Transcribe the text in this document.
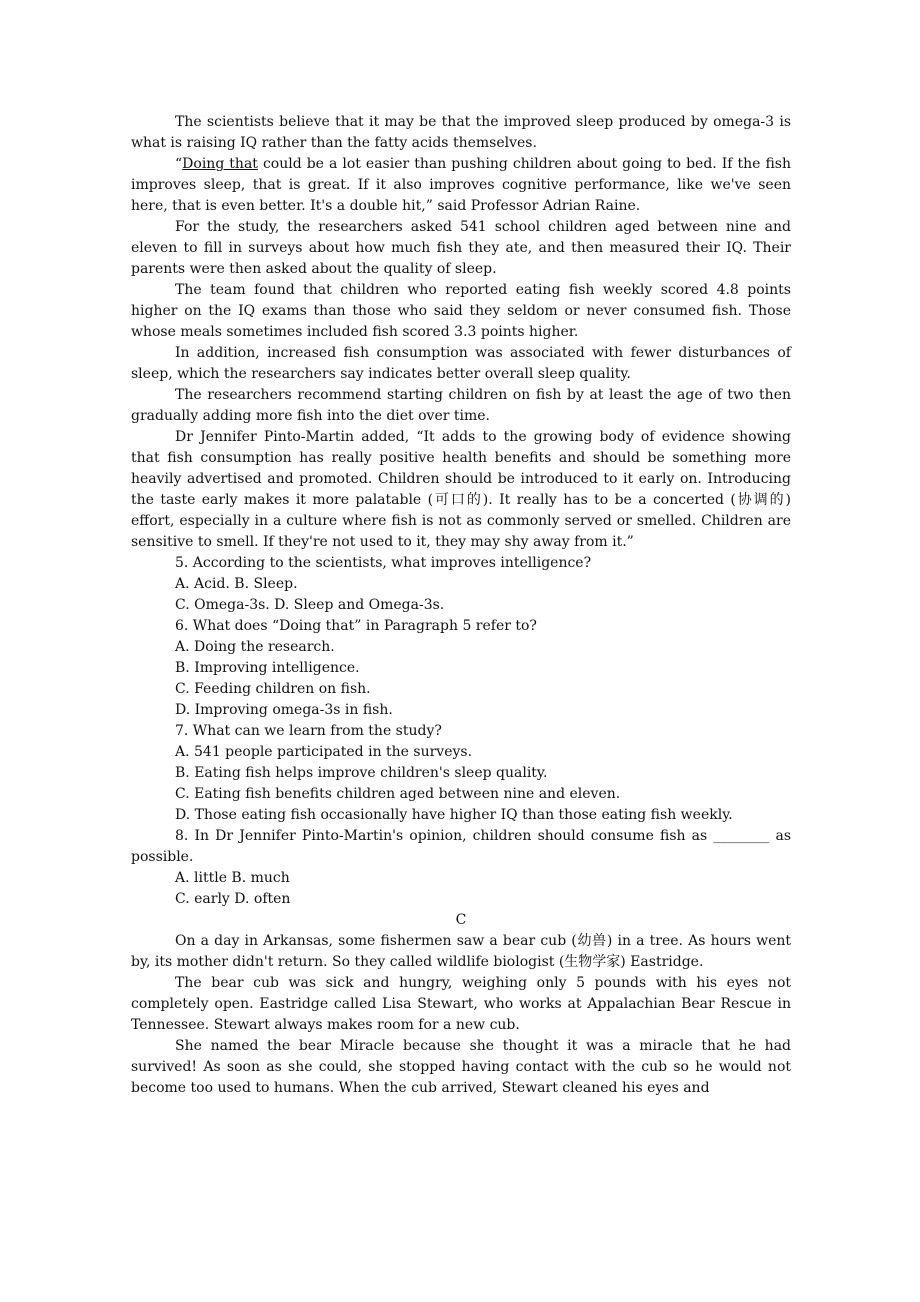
The scientists believe that it may be that the improved sleep produced by omega-3 is what is raising IQ rather than the fatty acids themselves.

“Doing that could be a lot easier than pushing children about going to bed. If the fish improves sleep, that is great. If it also improves cognitive performance, like we've seen here, that is even better. It's a double hit,” said Professor Adrian Raine.

For the study, the researchers asked 541 school children aged between nine and eleven to fill in surveys about how much fish they ate, and then measured their IQ. Their parents were then asked about the quality of sleep.

The team found that children who reported eating fish weekly scored 4.8 points higher on the IQ exams than those who said they seldom or never consumed fish. Those whose meals sometimes included fish scored 3.3 points higher.

In addition, increased fish consumption was associated with fewer disturbances of sleep, which the researchers say indicates better overall sleep quality.

The researchers recommend starting children on fish by at least the age of two then gradually adding more fish into the diet over time.

Dr Jennifer Pinto-Martin added, “It adds to the growing body of evidence showing that fish consumption has really positive health benefits and should be something more heavily advertised and promoted. Children should be introduced to it early on. Introducing the taste early makes it more palatable (可口的). It really has to be a concerted (协调的) effort, especially in a culture where fish is not as commonly served or smelled. Children are sensitive to smell. If they're not used to it, they may shy away from it.”

5. According to the scientists, what improves intelligence?

A. Acid. B. Sleep.

C. Omega-3s. D. Sleep and Omega-3s.

6. What does “Doing that” in Paragraph 5 refer to?

A. Doing the research.

B. Improving intelligence.

C. Feeding children on fish.

D. Improving omega-3s in fish.

7. What can we learn from the study?

A. 541 people participated in the surveys.

B. Eating fish helps improve children's sleep quality.

C. Eating fish benefits children aged between nine and eleven.

D. Those eating fish occasionally have higher IQ than those eating fish weekly.

8. In Dr Jennifer Pinto-Martin's opinion, children should consume fish as ________ as possible.

A. little B. much

C. early D. often

C

On a day in Arkansas, some fishermen saw a bear cub (幼兽) in a tree. As hours went by, its mother didn't return. So they called wildlife biologist (生物学家) Eastridge.

The bear cub was sick and hungry, weighing only 5 pounds with his eyes not completely open. Eastridge called Lisa Stewart, who works at Appalachian Bear Rescue in Tennessee. Stewart always makes room for a new cub.

She named the bear Miracle because she thought it was a miracle that he had survived! As soon as she could, she stopped having contact with the cub so he would not become too used to humans. When the cub arrived, Stewart cleaned his eyes and
